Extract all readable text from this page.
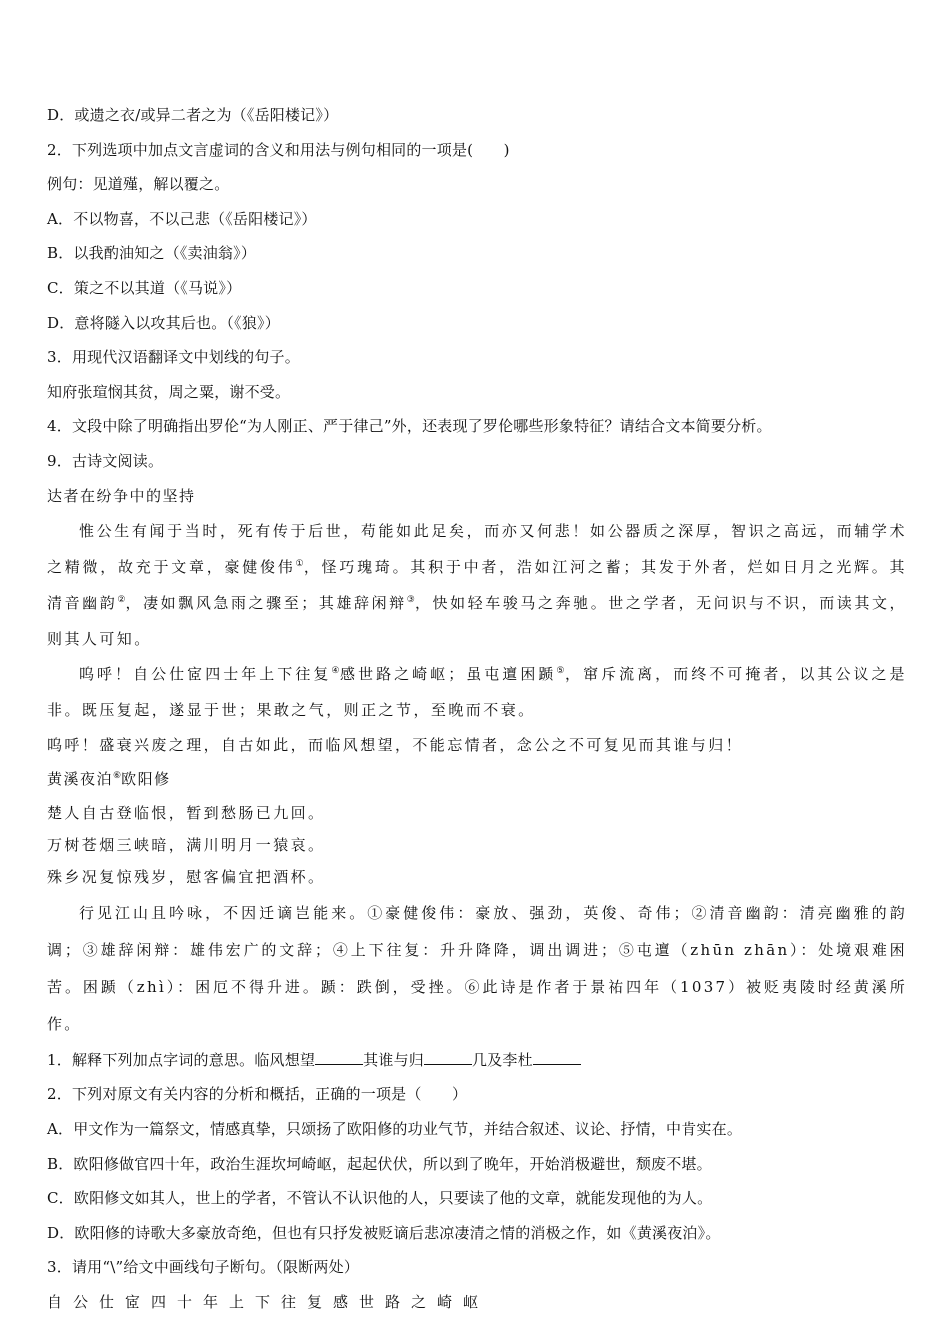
D．或遗之衣/或异二者之为（《岳阳楼记》）
2．下列选项中加点文言虚词的含义和用法与例句相同的一项是(　　)
例句：见道殣，解以覆之。
A．不以物喜，不以己悲（《岳阳楼记》）
B．以我酌油知之（《卖油翁》）
C．策之不以其道（《马说》）
D．意将隧入以攻其后也。（《狼》）
3．用现代汉语翻译文中划线的句子。
知府张瑄悯其贫，周之粟，谢不受。
4．文段中除了明确指出罗伦“为人刚正、严于律己”外，还表现了罗伦哪些形象特征？请结合文本简要分析。
9．古诗文阅读。
达者在纷争中的坚持
惟公生有闻于当时，死有传于后世，苟能如此足矣，而亦又何悲！如公器质之深厚，智识之高远，而辅学术之精微，故充于文章，豪健俊伟①，怪巧瑰琦。其积于中者，浩如江河之蓄；其发于外者，烂如日月之光辉。其清音幽韵②，凄如飘风急雨之骤至；其雄辞闲辩③，快如轻车骏马之奔驰。世之学者，无问识与不识，而读其文，则其人可知。
呜呼！自公仕宧四士年上下往复④感世路之崎岖；虽屯邅困踬⑤，窜斥流离，而终不可掩者，以其公议之是非。既压复起，遂显于世；果敢之气，则正之节，至晚而不衰。
呜呼！盛衰兴废之理，自古如此，而临风想望，不能忘情者，念公之不可复见而其谁与归！
黄溪夜泊⑥欧阳修
楚人自古登临恨，暂到愁肠已九回。
万树苍烟三峡暗，满川明月一猿哀。
殊乡况复惊残岁，慰客偏宜把酒杯。
行见江山且吟咏，不因迁谪岂能来。①豪健俊伟：豪放、强劲，英俊、奇伟；②清音幽韵：清亮幽雅的韵调；③雄辞闲辩：雄伟宏广的文辞；④上下往复：升升降降，调出调进；⑤屯邅（zhūn zhān）：处境艰难困苦。困踬（zhì）：困厄不得升进。踬：跌倒，受挫。⑥此诗是作者于景祐四年（1037）被贬夷陵时经黄溪所作。
1．解释下列加点字词的意思。临风想望	其谁与归	几及李杜
2．下列对原文有关内容的分析和概括，正确的一项是（　　）
A．甲文作为一篇祭文，情感真挚，只颂扬了欧阳修的功业气节，并结合叙述、议论、抒情，中肯实在。
B．欧阳修做官四十年，政治生涯坎坷崎岖，起起伏伏，所以到了晚年，开始消极避世，颓废不堪。
C．欧阳修文如其人，世上的学者，不管认不认识他的人，只要读了他的文章，就能发现他的为人。
D．欧阳修的诗歌大多豪放奇绝，但也有只抒发被贬谪后悲凉凄清之情的消极之作，如《黄溪夜泊》。
3．请用“\”给文中画线句子断句。（限断两处）
自公仕宧四十年上下往复感世路之崎岖
